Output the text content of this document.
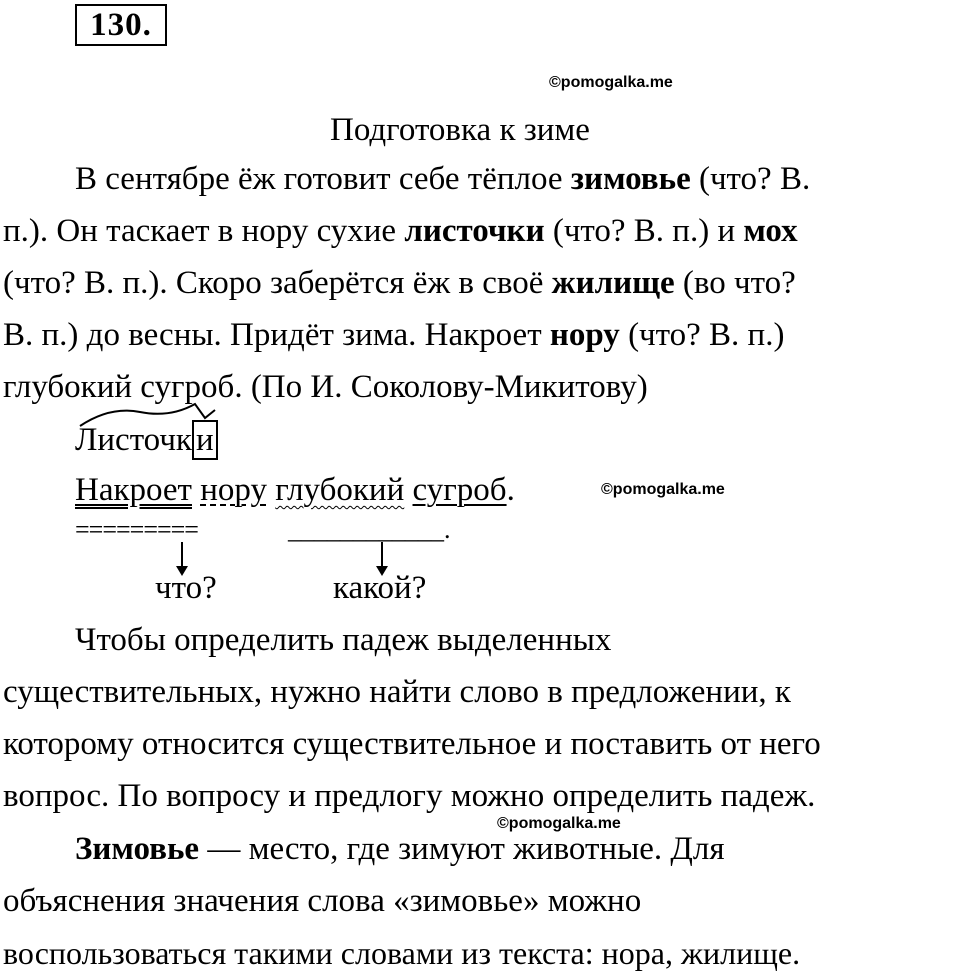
130.
©pomogalka.me
Подготовка к зиме
В сентябре ёж готовит себе тёплое зимовье (что? В.
п.). Он таскает в нору сухие листочки (что? В. п.) и мох
(что? В. п.). Скоро заберётся ёж в своё жилище (во что?
В. п.) до весны. Придёт зима. Накроет нору (что? В. п.)
глубокий сугроб. (По И. Соколову-Микитову)
Листочк и
Накроет нору глубокий сугроб.	©pomogalka.me
=========	____________.
что?	какой?
Чтобы определить падеж выделенных
существительных, нужно найти слово в предложении, к
которому относится существительное и поставить от него
вопрос. По вопросу и предлогу можно определить падеж.
©pomogalka.me
Зимовье — место, где зимуют животные. Для
объяснения значения слова «зимовье» можно
воспользоваться такими словами из текста: нора, жилище.
